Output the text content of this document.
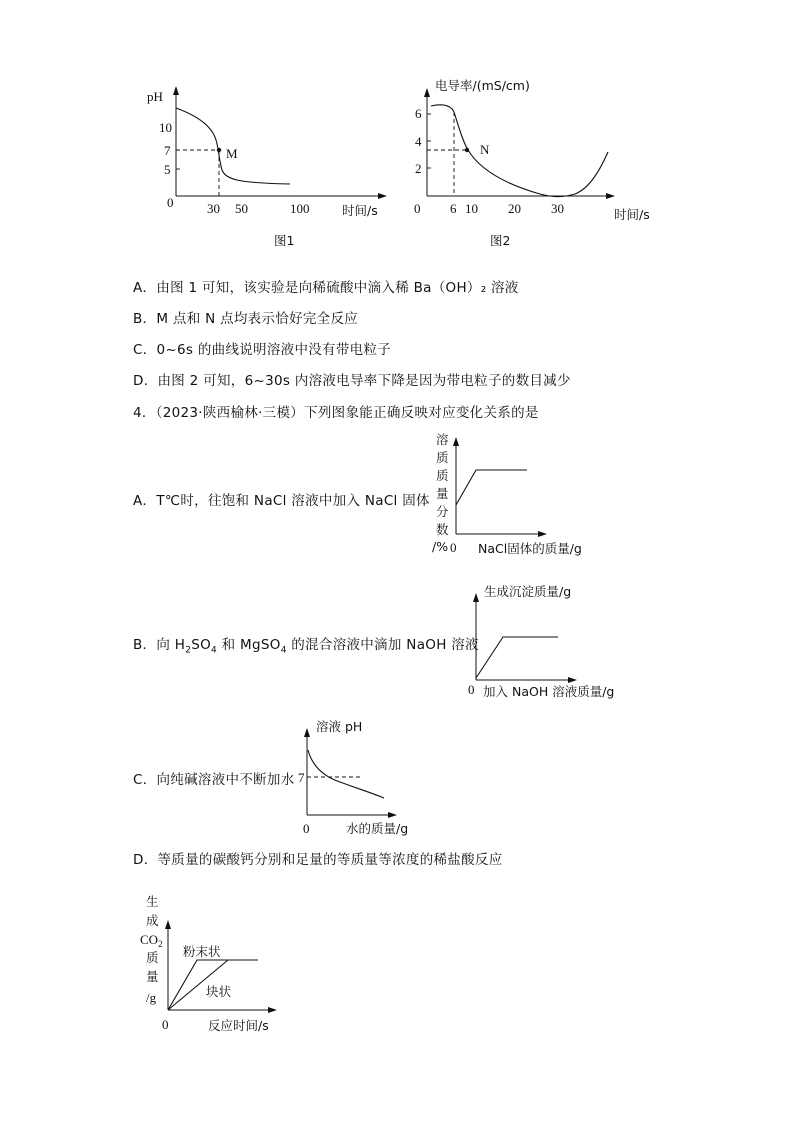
pH
10
7
5
0	30 50	100	时间/s
M
图1
电导率/(mS/cm)
6
4
2
0 6 10 20 30	时间/s
N
图2
A．由图 1 可知，该实验是向稀硫酸中滴入稀 Ba（OH）₂ 溶液
B．M 点和 N 点均表示恰好完全反应
C．0~6s 的曲线说明溶液中没有带电粒子
D．由图 2 可知，6~30s 内溶液电导率下降是因为带电粒子的数目减少
4．（2023·陕西榆林·三模）下列图象能正确反映对应变化关系的是
A．T℃时，往饱和 NaCl 溶液中加入 NaCl 固体
溶
质
质
量
分
数
/% 0 NaCl固体的质量/g
生成沉淀质量/g
0 加入 NaOH 溶液质量/g
溶液 pH
7
0	水的质量/g
生
成
$CO_2$
质
量
/g
0	反应时间/s
粉末状
块状
B．向 $H_2SO_4$ 和 MgSO$_4$ 的混合溶液中滴加 NaOH 溶液
C．向纯碱溶液中不断加水
D．等质量的碳酸钙分别和足量的等质量等浓度的稀盐酸反应
